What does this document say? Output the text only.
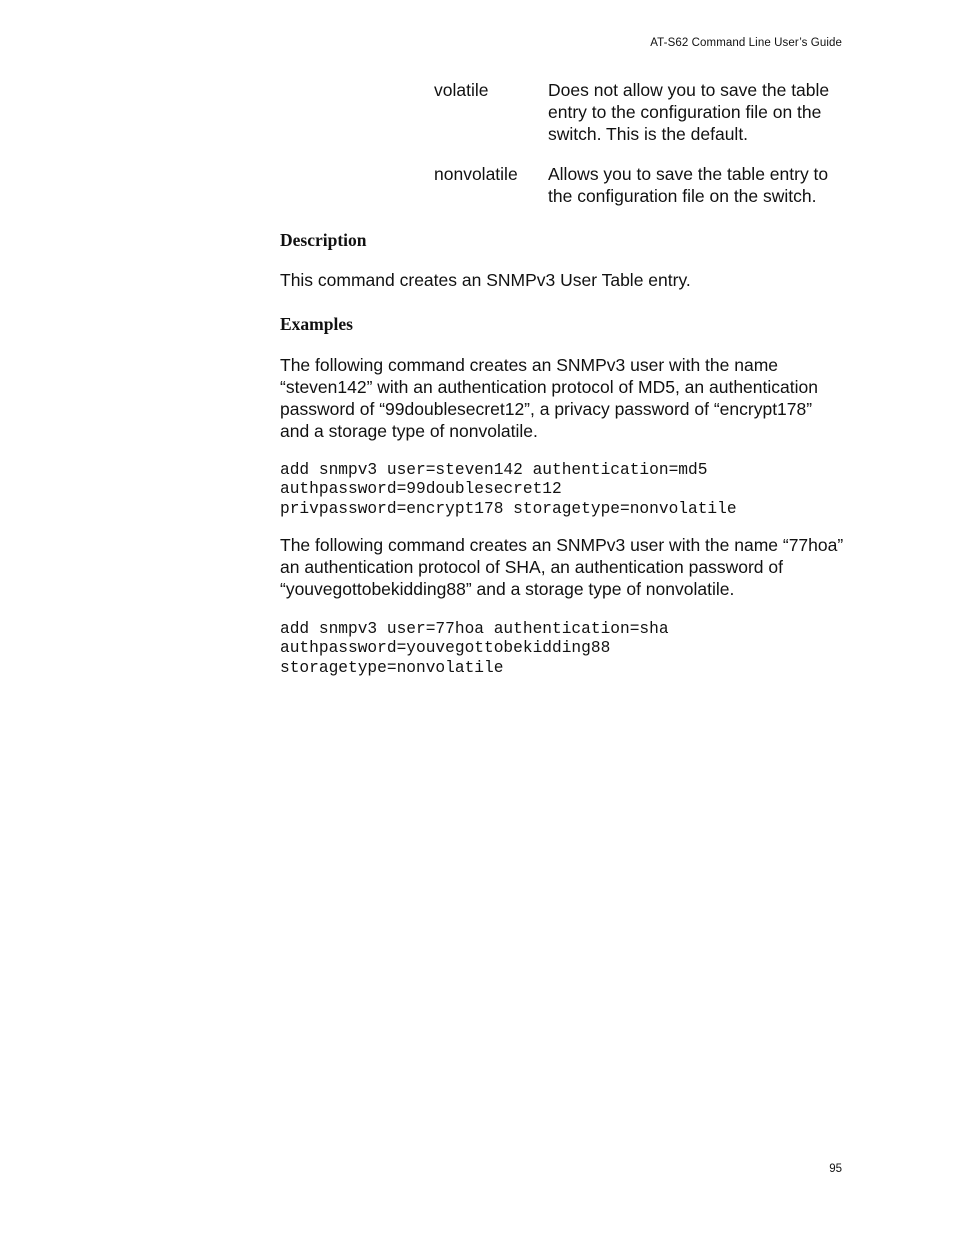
AT-S62 Command Line User’s Guide
volatile	Does not allow you to save the table entry to the configuration file on the switch. This is the default.
nonvolatile Allows you to save the table entry to the configuration file on the switch.
Description
This command creates an SNMPv3 User Table entry.
Examples
The following command creates an SNMPv3 user with the name “steven142” with an authentication protocol of MD5, an authentication password of “99doublesecret12”, a privacy password of “encrypt178” and a storage type of nonvolatile.
add snmpv3 user=steven142 authentication=md5
authpassword=99doublesecret12
privpassword=encrypt178 storagetype=nonvolatile
The following command creates an SNMPv3 user with the name “77hoa” an authentication protocol of SHA, an authentication password of “youvegottobekidding88” and a storage type of nonvolatile.
add snmpv3 user=77hoa authentication=sha
authpassword=youvegottobekidding88
storagetype=nonvolatile
95
